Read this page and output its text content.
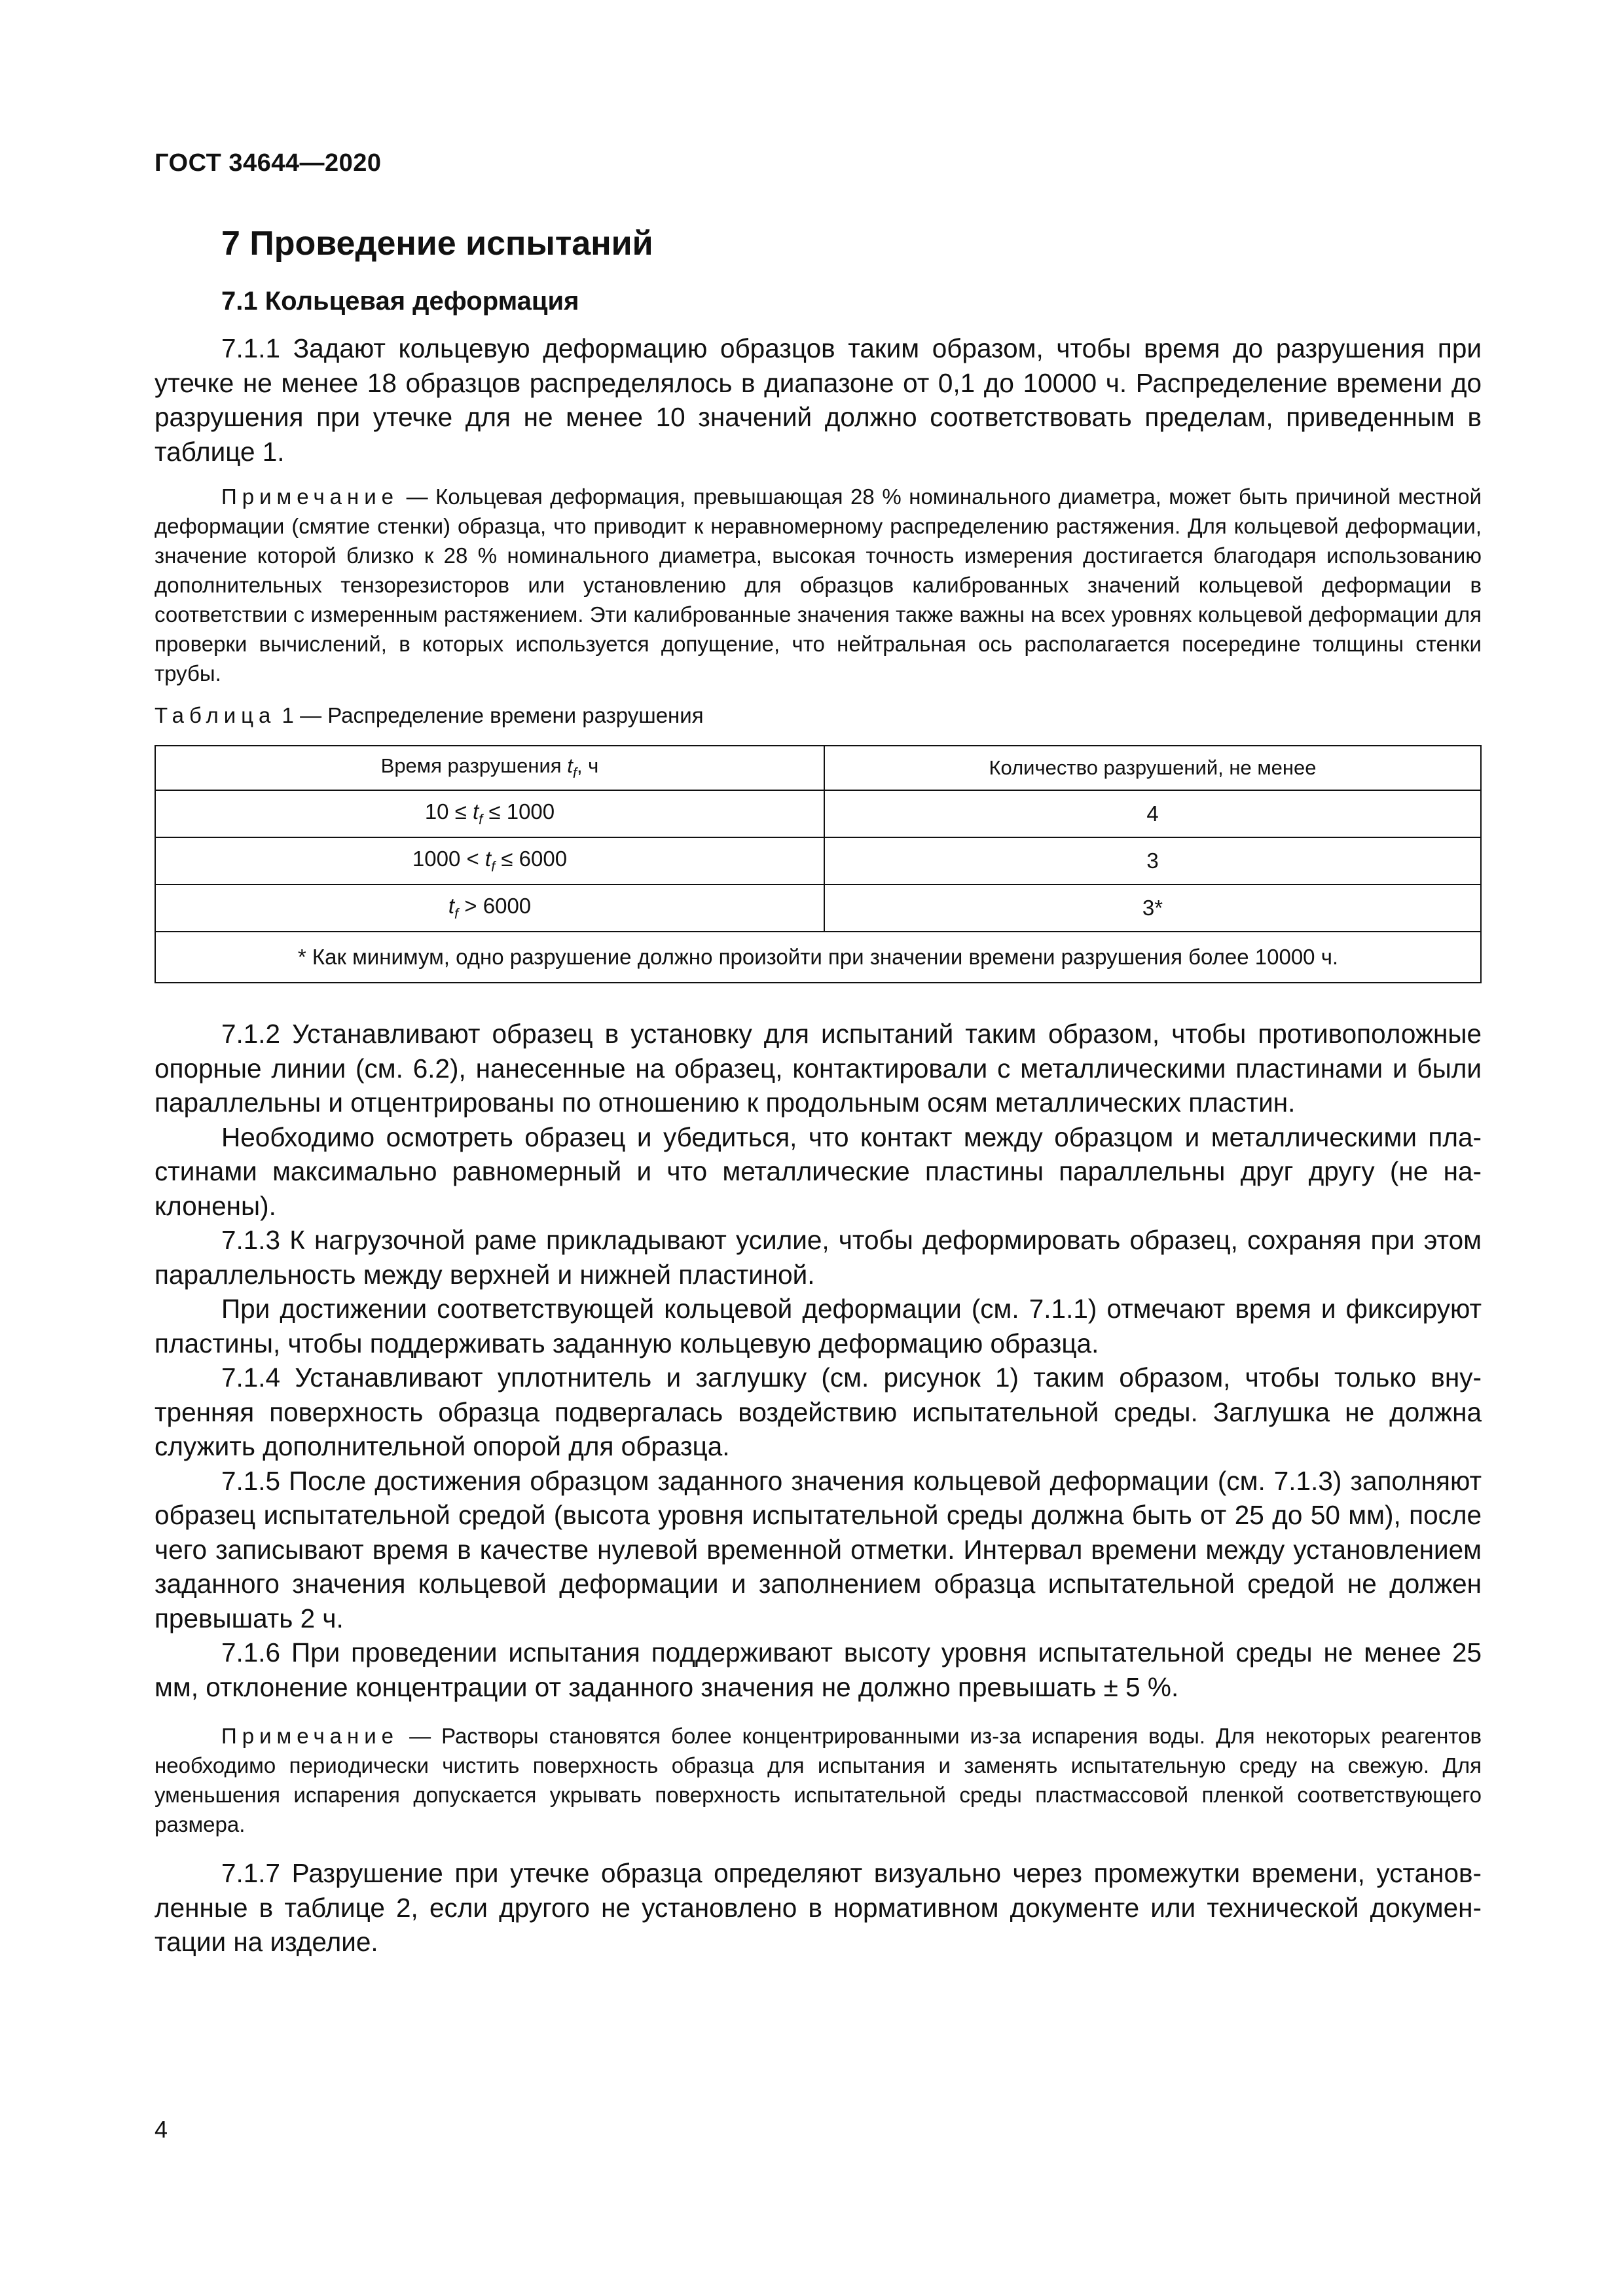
ГОСТ 34644—2020
7 Проведение испытаний
7.1 Кольцевая деформация

7.1.1 Задают кольцевую деформацию образцов таким образом, чтобы время до разрушения при утечке не менее 18 образцов распределялось в диапазоне от 0,1 до 10000 ч. Распределение времени до разрушения при утечке для не менее 10 значений должно соответствовать пределам, приведенным в таблице 1.

Примечание — Кольцевая деформация, превышающая 28 % номинального диаметра, может быть причиной местной деформации (смятие стенки) образца, что приводит к неравномерному распределению растяжения. Для кольцевой деформации, значение которой близко к 28 % номинального диаметра, высокая точность измерения достигается благодаря использованию дополнительных тензорезисторов или установлению для образцов калиброванных значений кольцевой деформации в соответствии с измеренным растяжением. Эти калиброванные значения также важны на всех уровнях кольцевой деформации для проверки вычислений, в которых используется допущение, что нейтральная ось располагается посередине толщины стенки трубы.

Таблица 1 — Распределение времени разрушения
Время разрушения $t_f$, ч	Количество разрушений, не менее
$10 \le t_f \le 1000$	4
$1000 < t_f \le 6000$	3
$t_f > 6000$	3*
* Как минимум, одно разрушение должно произойти при значении времени разрушения более 10000 ч.	

7.1.2 Устанавливают образец в установку для испытаний таким образом, чтобы противоположные опорные линии (см. 6.2), нанесенные на образец, контактировали с металлическими пластинами и были параллельны и отцентрированы по отношению к продольным осям металлических пластин.

Необходимо осмотреть образец и убедиться, что контакт между образцом и металлическими пластинами максимально равномерный и что металлические пластины параллельны друг другу (не наклонены).

7.1.3 К нагрузочной раме прикладывают усилие, чтобы деформировать образец, сохраняя при этом параллельность между верхней и нижней пластиной.

При достижении соответствующей кольцевой деформации (см. 7.1.1) отмечают время и фиксируют пластины, чтобы поддерживать заданную кольцевую деформацию образца.

7.1.4 Устанавливают уплотнитель и заглушку (см. рисунок 1) таким образом, чтобы только внутренняя поверхность образца подвергалась воздействию испытательной среды. Заглушка не должна служить дополнительной опорой для образца.

7.1.5 После достижения образцом заданного значения кольцевой деформации (см. 7.1.3) заполняют образец испытательной средой (высота уровня испытательной среды должна быть от 25 до 50 мм), после чего записывают время в качестве нулевой временной отметки. Интервал времени между установлением заданного значения кольцевой деформации и заполнением образца испытательной средой не должен превышать 2 ч.

7.1.6 При проведении испытания поддерживают высоту уровня испытательной среды не менее 25 мм, отклонение концентрации от заданного значения не должно превышать ± 5 %.

Примечание — Растворы становятся более концентрированными из-за испарения воды. Для некоторых реагентов необходимо периодически чистить поверхность образца для испытания и заменять испытательную среду на свежую. Для уменьшения испарения допускается укрывать поверхность испытательной среды пластмассовой пленкой соответствующего размера.

7.1.7 Разрушение при утечке образца определяют визуально через промежутки времени, установленные в таблице 2, если другого не установлено в нормативном документе или технической документации на изделие.

4
